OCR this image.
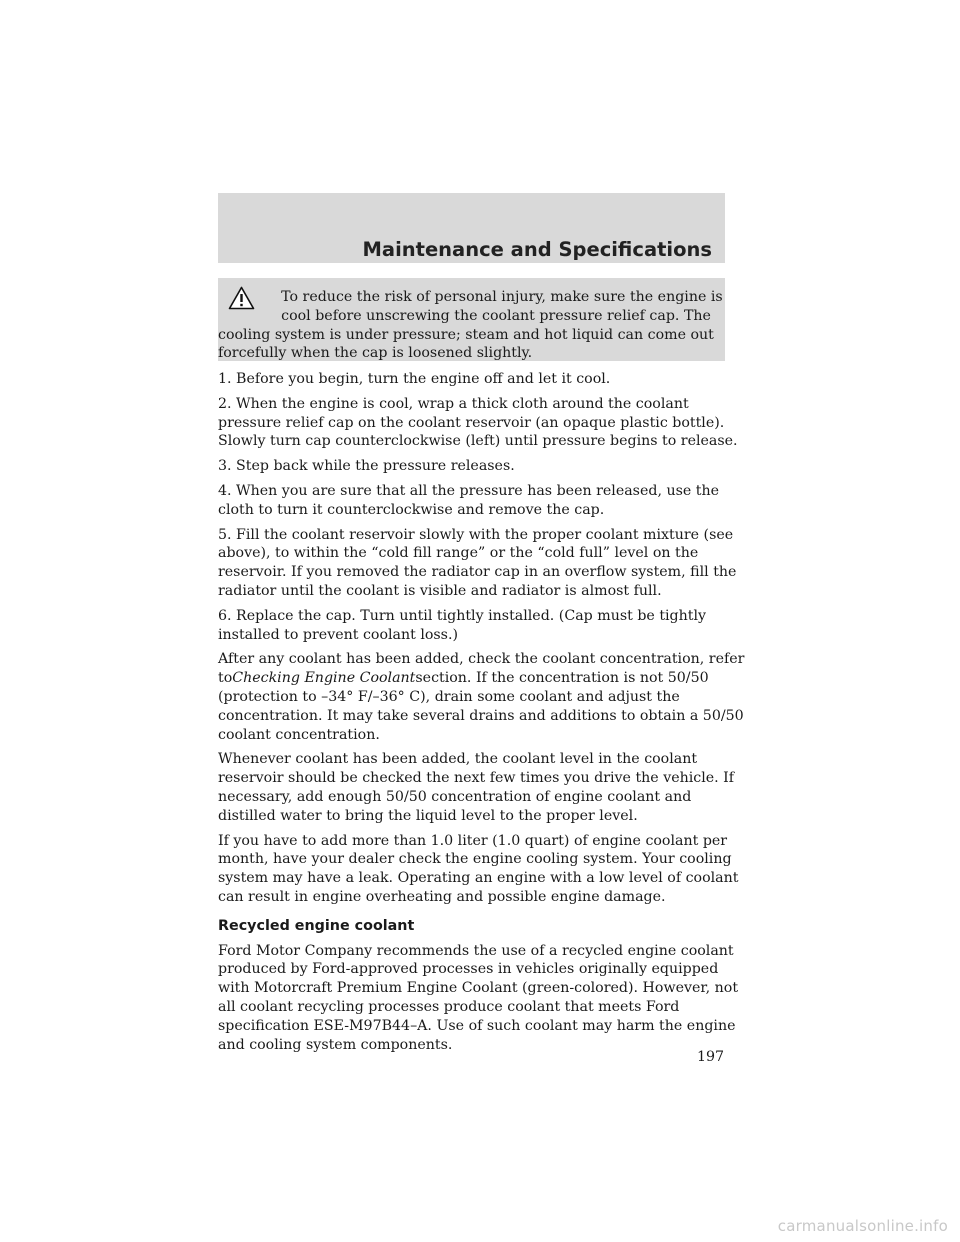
Maintenance and Specifications
To reduce the risk of personal injury, make sure the engine is
cool before unscrewing the coolant pressure relief cap. The
cooling system is under pressure; steam and hot liquid can come out
forcefully when the cap is loosened slightly.

1. Before you begin, turn the engine off and let it cool.

2. When the engine is cool, wrap a thick cloth around the coolant
pressure relief cap on the coolant reservoir (an opaque plastic bottle).
Slowly turn cap counterclockwise (left) until pressure begins to release.

3. Step back while the pressure releases.

4. When you are sure that all the pressure has been released, use the
cloth to turn it counterclockwise and remove the cap.

5. Fill the coolant reservoir slowly with the proper coolant mixture (see
above), to within the “cold fill range” or the “cold full” level on the
reservoir. If you removed the radiator cap in an overflow system, fill the
radiator until the coolant is visible and radiator is almost full.

6. Replace the cap. Turn until tightly installed. (Cap must be tightly
installed to prevent coolant loss.)

After any coolant has been added, check the coolant concentration, refer
toChecking Engine Coolantsection. If the concentration is not 50/50
(protection to –34° F/–36° C), drain some coolant and adjust the
concentration. It may take several drains and additions to obtain a 50/50
coolant concentration.

Whenever coolant has been added, the coolant level in the coolant
reservoir should be checked the next few times you drive the vehicle. If
necessary, add enough 50/50 concentration of engine coolant and
distilled water to bring the liquid level to the proper level.

If you have to add more than 1.0 liter (1.0 quart) of engine coolant per
month, have your dealer check the engine cooling system. Your cooling
system may have a leak. Operating an engine with a low level of coolant
can result in engine overheating and possible engine damage.

Recycled engine coolant

Ford Motor Company recommends the use of a recycled engine coolant
produced by Ford-approved processes in vehicles originally equipped
with Motorcraft Premium Engine Coolant (green-colored). However, not
all coolant recycling processes produce coolant that meets Ford
specification ESE-M97B44–A. Use of such coolant may harm the engine
and cooling system components.

197
carmanualsonline.info
